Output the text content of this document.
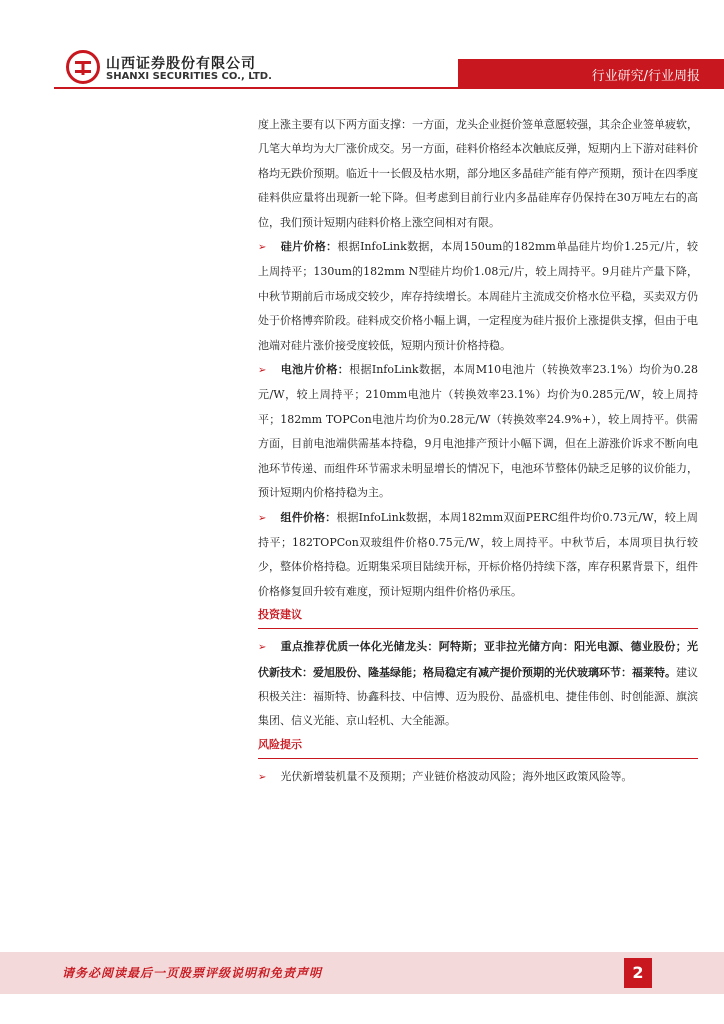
山西证券股份有限公司
SHANXI SECURITIES CO., LTD.	行业研究/行业周报

度上涨主要有以下两方面支撑：一方面，龙头企业挺价签单意愿较强，其余企业签单疲软，几笔大单均为大厂涨价成交。另一方面，硅料价格经本次触底反弹，短期内上下游对硅料价格均无跌价预期。临近十一长假及枯水期，部分地区多晶硅产能有停产预期，预计在四季度硅料供应量将出现新一轮下降。但考虑到目前行业内多晶硅库存仍保持在30万吨左右的高位，我们预计短期内硅料价格上涨空间相对有限。

➢ 硅片价格：根据InfoLink数据，本周150um的182mm单晶硅片均价1.25元/片，较上周持平；130um的182mm N型硅片均价1.08元/片，较上周持平。9月硅片产量下降，中秋节期前后市场成交较少，库存持续增长。本周硅片主流成交价格水位平稳，买卖双方仍处于价格博弈阶段。硅料成交价格小幅上调，一定程度为硅片报价上涨提供支撑，但由于电池端对硅片涨价接受度较低，短期内预计价格持稳。

➢ 电池片价格：根据InfoLink数据，本周M10电池片（转换效率23.1%）均价为0.28元/W，较上周持平；210mm电池片（转换效率23.1%）均价为0.285元/W，较上周持平；182mm TOPCon电池片均价为0.28元/W（转换效率24.9%+），较上周持平。供需方面，目前电池端供需基本持稳，9月电池排产预计小幅下调，但在上游涨价诉求不断向电池环节传递、而组件环节需求未明显增长的情况下，电池环节整体仍缺乏足够的议价能力，预计短期内价格持稳为主。

➢ 组件价格：根据InfoLink数据，本周182mm双面PERC组件均价0.73元/W，较上周持平；182TOPCon双玻组件价格0.75元/W，较上周持平。中秋节后，本周项目执行较少，整体价格持稳。近期集采项目陆续开标，开标价格仍持续下落，库存积累背景下，组件价格修复回升较有难度，预计短期内组件价格仍承压。

投资建议

➢ 重点推荐优质一体化光储龙头：阿特斯；亚非拉光储方向：阳光电源、德业股份；光伏新技术：爱旭股份、隆基绿能；格局稳定有减产提价预期的光伏玻璃环节：福莱特。建议积极关注：福斯特、协鑫科技、中信博、迈为股份、晶盛机电、捷佳伟创、时创能源、旗滨集团、信义光能、京山轻机、大全能源。

风险提示

➢ 光伏新增装机量不及预期；产业链价格波动风险；海外地区政策风险等。

请务必阅读最后一页股票评级说明和免责声明	2
